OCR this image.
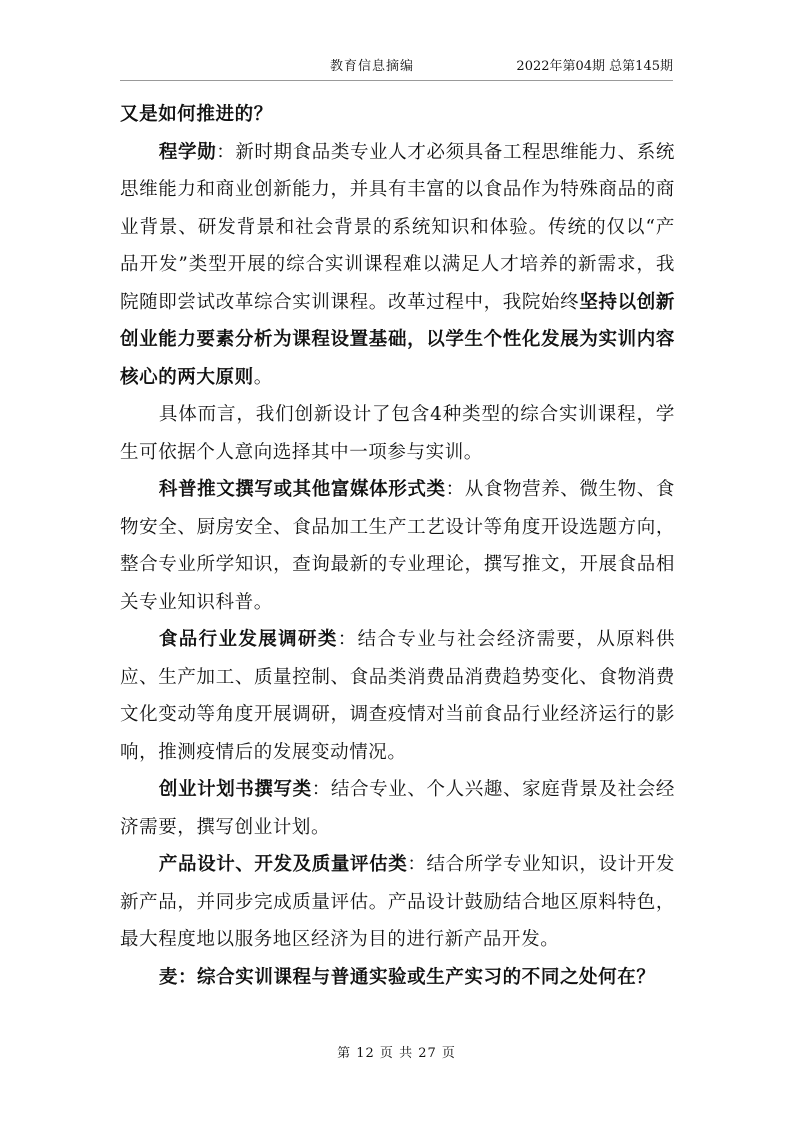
教育信息摘编	2022年第04期 总第145期

又是如何推进的？

程学勋：新时期食品类专业人才必须具备工程思维能力、系统思维能力和商业创新能力，并具有丰富的以食品作为特殊商品的商业背景、研发背景和社会背景的系统知识和体验。传统的仅以“产品开发”类型开展的综合实训课程难以满足人才培养的新需求，我院随即尝试改革综合实训课程。改革过程中，我院始终坚持以创新创业能力要素分析为课程设置基础，以学生个性化发展为实训内容核心的两大原则。

具体而言，我们创新设计了包含4种类型的综合实训课程，学生可依据个人意向选择其中一项参与实训。

科普推文撰写或其他富媒体形式类：从食物营养、微生物、食物安全、厨房安全、食品加工生产工艺设计等角度开设选题方向，整合专业所学知识，查询最新的专业理论，撰写推文，开展食品相关专业知识科普。

食品行业发展调研类：结合专业与社会经济需要，从原料供应、生产加工、质量控制、食品类消费品消费趋势变化、食物消费文化变动等角度开展调研，调查疫情对当前食品行业经济运行的影响，推测疫情后的发展变动情况。

创业计划书撰写类：结合专业、个人兴趣、家庭背景及社会经济需要，撰写创业计划。

产品设计、开发及质量评估类：结合所学专业知识，设计开发新产品，并同步完成质量评估。产品设计鼓励结合地区原料特色，最大程度地以服务地区经济为目的进行新产品开发。

麦：综合实训课程与普通实验或生产实习的不同之处何在？

第 12 页 共 27 页
